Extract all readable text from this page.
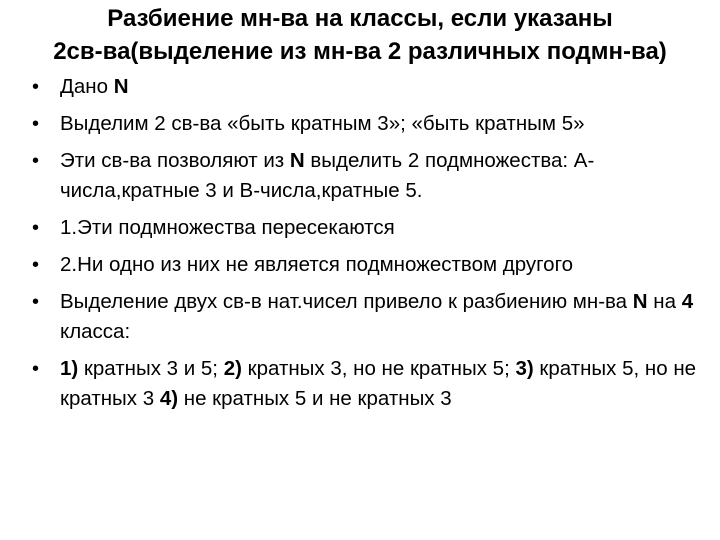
Разбиение мн-ва на классы, если указаны
2св-ва(выделение из мн-ва 2 различных подмн-ва)
• Дано N
• Выделим 2 св-ва «быть кратным 3»; «быть кратным 5»
• Эти св-ва позволяют из N выделить 2 подмножества: А-числа,кратные 3 и В-числа,кратные 5.
• 1.Эти подмножества пересекаются
• 2.Ни одно из них не является подмножеством другого
• Выделение двух св-в нат.чисел привело к разбиению мн-ва N на 4 класса:
• 1) кратных 3 и 5; 2) кратных 3, но не кратных 5; 3) кратных 5, но не кратных 3 4) не кратных 5 и не кратных 3
